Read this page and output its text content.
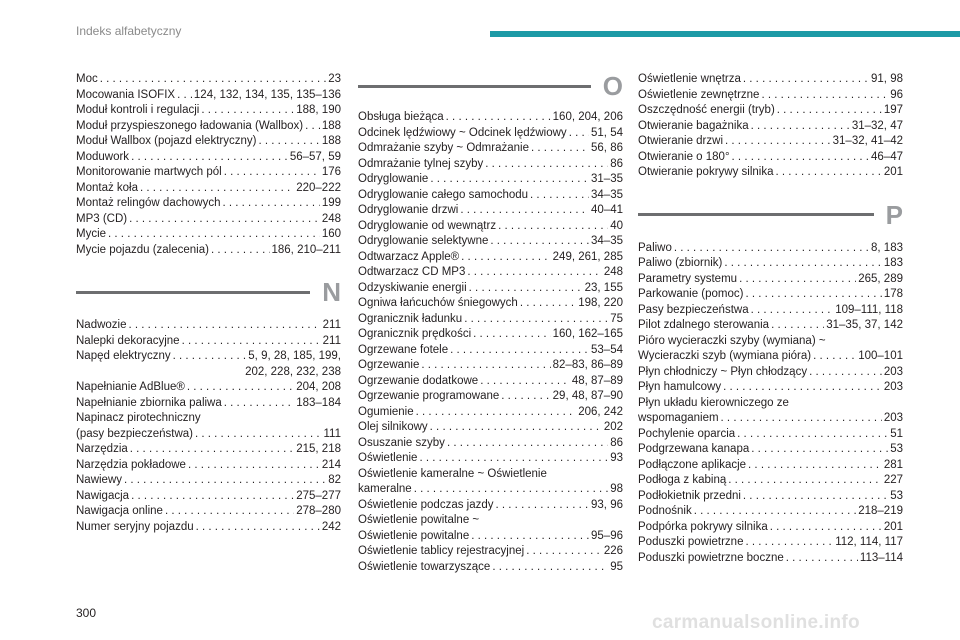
Indeks alfabetyczny
Moc . . .	23
Mocowania ISOFIX . . . 124, 132, 134, 135, 135–136
Moduł kontroli i regulacji . . .	188, 190
Moduł przyspieszonego ładowania (Wallbox) . . . 188
Moduł Wallbox (pojazd elektryczny) . . .	188
Moduwork . . .	56–57, 59
Monitorowanie martwych pól . . .	176
Montaż koła . . .	220–222
Montaż relingów dachowych . . .	199
MP3 (CD) . . .	248
Mycie . . .	160
Mycie pojazdu (zalecenia) . . .	186, 210–211
N
Nadwozie . . .	211
Nalepki dekoracyjne . . .	211
Napęd elektryczny . . .	5, 9, 28, 185, 199,
202, 228, 232, 238
Napełnianie AdBlue® . . .	204, 208
Napełnianie zbiornika paliwa . . .	183–184
Napinacz pirotechniczny
(pasy bezpieczeństwa) . . .	111
Narzędzia . . .	215, 218
Narzędzia pokładowe . . .	214
Nawiewy . . .	82
Nawigacja . . .	275–277
Nawigacja online . . .	278–280
Numer seryjny pojazdu . . .	242
O
Obsługa bieżąca . . .	160, 204, 206
Odcinek lędźwiowy ~ Odcinek lędźwiowy . . . 51, 54
Odmrażanie szyby ~ Odmrażanie . . .	56, 86
Odmrażanie tylnej szyby . . .	86
Odryglowanie . . .	31–35
Odryglowanie całego samochodu . . .	34–35
Odryglowanie drzwi . . .	40–41
Odryglowanie od wewnątrz . . .	40
Odryglowanie selektywne . . .	34–35
Odtwarzacz Apple® . . .	249, 261, 285
Odtwarzacz CD MP3 . . .	248
Odzyskiwanie energii . . .	23, 155
Ogniwa łańcuchów śniegowych . . .	198, 220
Ogranicznik ładunku . . .	75
Ogranicznik prędkości . . .	160, 162–165
Ogrzewane fotele . . .	53–54
Ogrzewanie . . .	82–83, 86–89
Ogrzewanie dodatkowe . . .	48, 87–89
Ogrzewanie programowane . . .	29, 48, 87–90
Ogumienie . . .	206, 242
Olej silnikowy . . .	202
Osuszanie szyby . . .	86
Oświetlenie . . .	93
Oświetlenie kameralne ~ Oświetlenie
kameralne . . .	98
Oświetlenie podczas jazdy . . .	93, 96
Oświetlenie powitalne ~
Oświetlenie powitalne . . .	95–96
Oświetlenie tablicy rejestracyjnej . . .	226
Oświetlenie towarzyszące . . .	95
Oświetlenie wnętrza . . .	91, 98
Oświetlenie zewnętrzne . . .	96
Oszczędność energii (tryb) . . .	197
Otwieranie bagażnika . . .	31–32, 47
Otwieranie drzwi . . .	31–32, 41–42
Otwieranie o 180° . . .	46–47
Otwieranie pokrywy silnika . . .	201
P
Paliwo . . .	8, 183
Paliwo (zbiornik) . . .	183
Parametry systemu . . .	265, 289
Parkowanie (pomoc) . . .	178
Pasy bezpieczeństwa . . .	109–111, 118
Pilot zdalnego sterowania . . .	31–35, 37, 142
Pióro wycieraczki szyby (wymiana) ~
Wycieraczki szyb (wymiana pióra) . . .	100–101
Płyn chłodniczy ~ Płyn chłodzący . . .	203
Płyn hamulcowy . . .	203
Płyn układu kierowniczego ze
wspomaganiem . . .	203
Pochylenie oparcia . . .	51
Podgrzewana kanapa . . .	53
Podłączone aplikacje . . .	281
Podłoga z kabiną . . .	227
Podłokietnik przedni . . .	53
Podnośnik . . .	218–219
Podpórka pokrywy silnika . . .	201
Poduszki powietrzne . . .	112, 114, 117
Poduszki powietrzne boczne . . .	113–114
300	carmanualsonline.info
